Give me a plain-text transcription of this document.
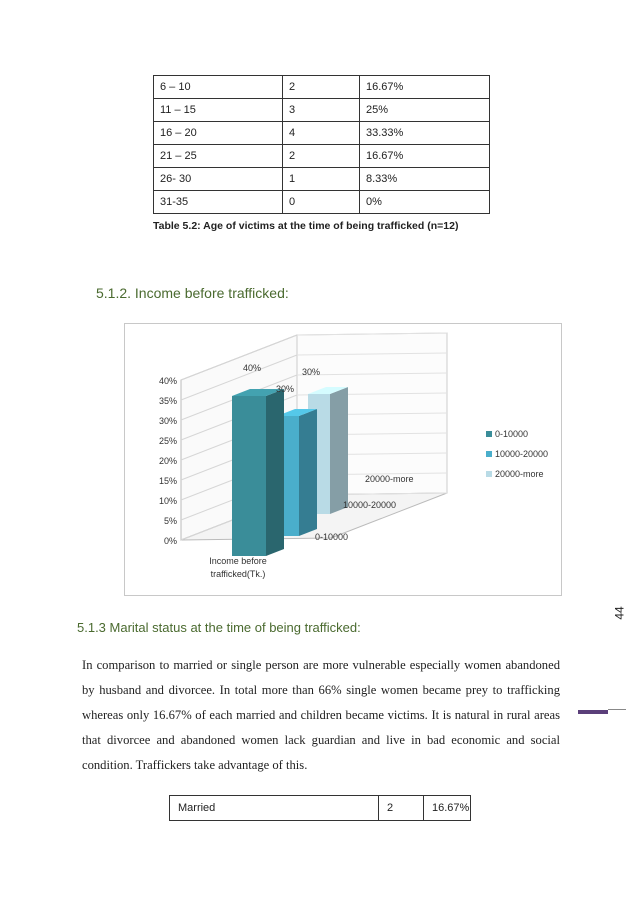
6 – 10	2	16.67%
11 – 15	3	25%
16 – 20	4	33.33%
21 – 25	2	16.67%
26- 30	1	8.33%
31-35	0	0%
Table 5.2: Age of victims at the time of being trafficked (n=12)
5.1.2. Income before trafficked:
0%
5%
10%
15%
20%
25%
30%
35%
40%
40%
30%
30%
20000-more
10000-20000
0-10000
Income before
trafficked(Tk.)
0-10000
10000-20000
20000-more
44
5.1.3 Marital status at the time of being trafficked:
In comparison to married or single person are more vulnerable especially women abandoned by husband and divorcee. In total more than 66% single women became prey to trafficking whereas only 16.67% of each married and children became victims. It is natural in rural areas that divorcee and abandoned women lack guardian and live in bad economic and social condition. Traffickers take advantage of this.
Married	2	16.67%
